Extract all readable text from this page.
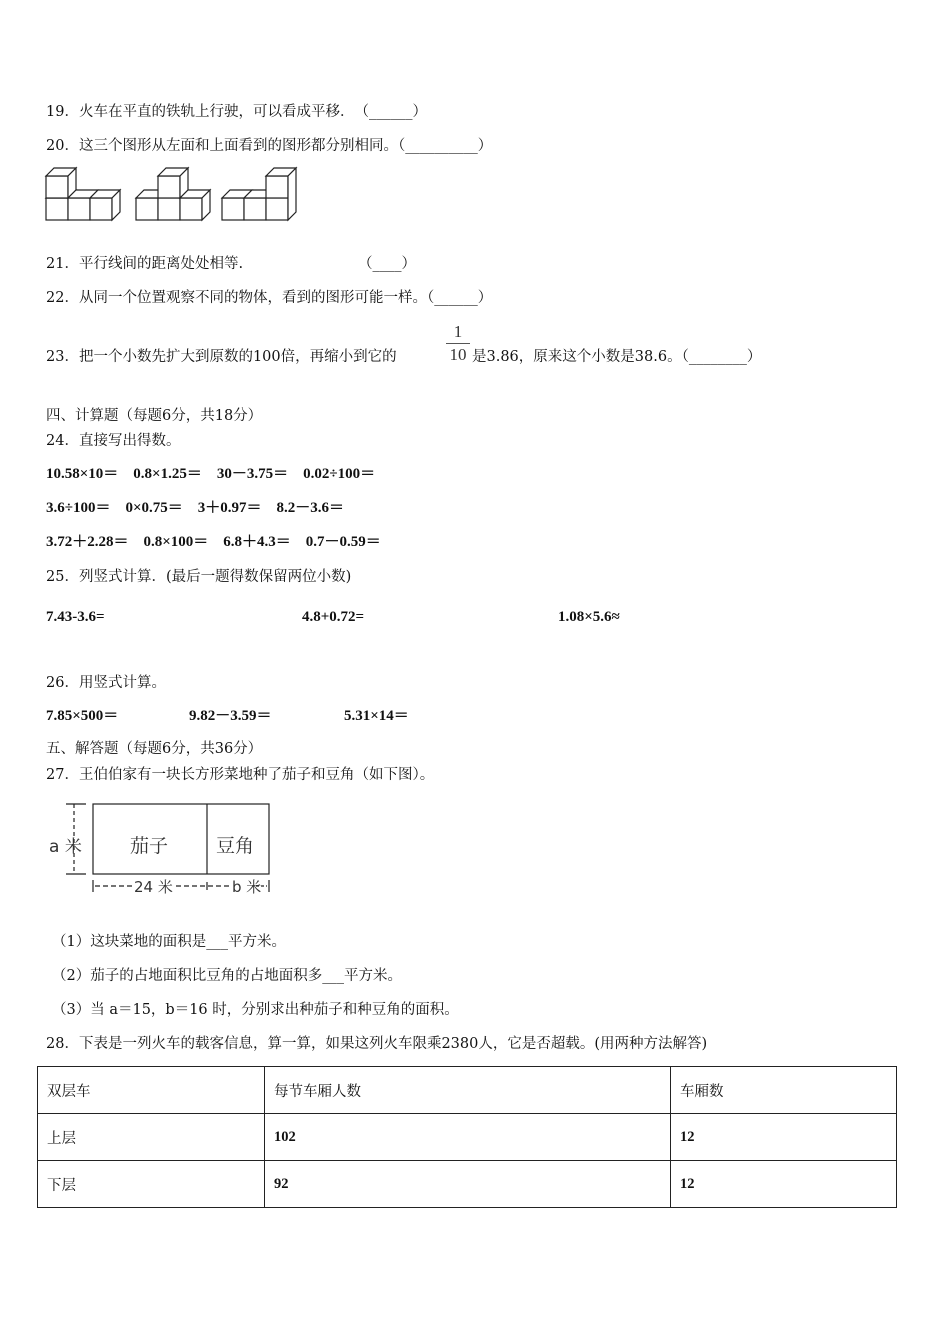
19．火车在平直的铁轨上行驶，可以看成平移．　（______）
20．这三个图形从左面和上面看到的图形都分别相同。（__________）
21．平行线间的距离处处相等.	（____）
22．从同一个位置观察不同的物体，看到的图形可能一样。（______）
23．把一个小数先扩大到原数的100倍，再缩小到它的
1
10 是3.86，原来这个小数是38.6。（________）
四、计算题（每题6分，共18分）
24．直接写出得数。
10.58×10＝　0.8×1.25＝　30－3.75＝　0.02÷100＝
3.6÷100＝　0×0.75＝　3＋0.97＝　8.2－3.6＝
3.72＋2.28＝　0.8×100＝　6.8＋4.3＝　0.7－0.59＝
25．列竖式计算．(最后一题得数保留两位小数)
7.43-3.6=	4.8+0.72=	1.08×5.6≈
26．用竖式计算。
7.85×500＝	9.82－3.59＝	5.31×14＝
五、解答题（每题6分，共36分）
27．王伯伯家有一块长方形菜地种了茄子和豆角（如下图）。
a 米	茄子	豆角
24 米	b 米
（1）这块菜地的面积是___平方米。
（2）茄子的占地面积比豆角的占地面积多___平方米。
（3）当 a＝15，b＝16 时，分别求出种茄子和种豆角的面积。
28．下表是一列火车的载客信息，算一算，如果这列火车限乘2380人，它是否超载。(用两种方法解答)
双层车	每节车厢人数	车厢数
上层	102	12
下层	92	12
